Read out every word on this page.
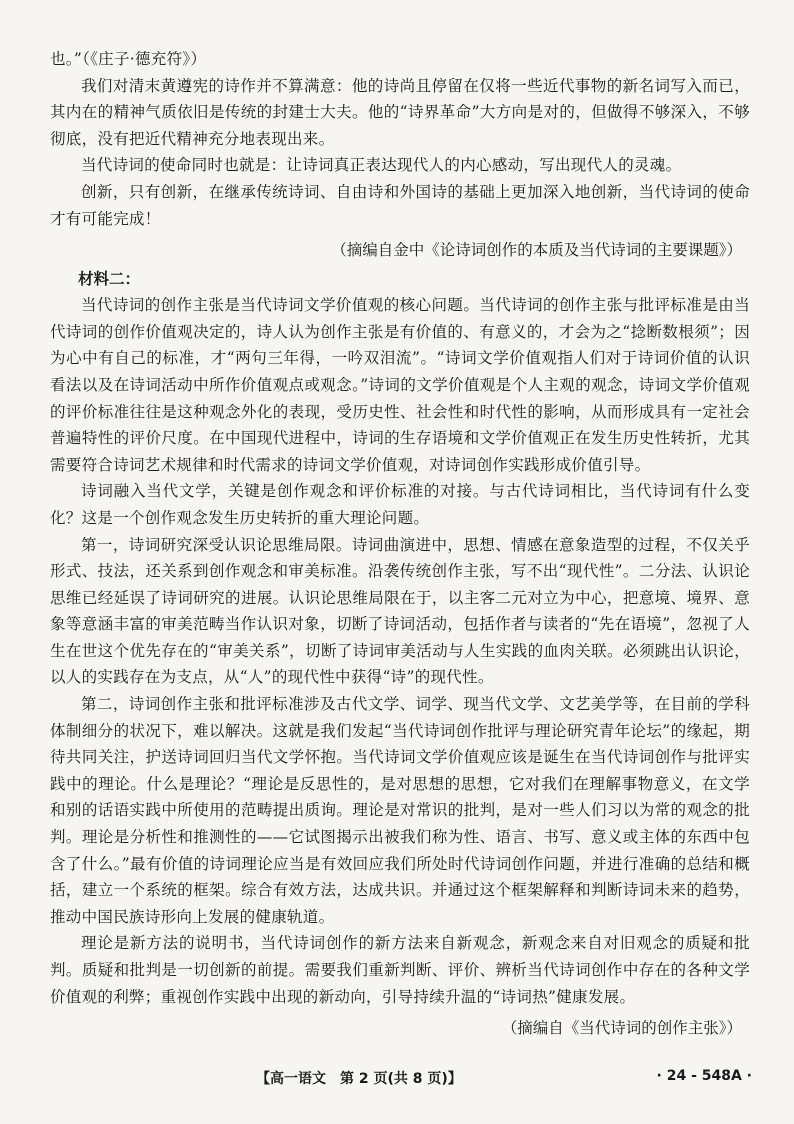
也。”（《庄子·德充符》）

我们对清末黄遵宪的诗作并不算满意：他的诗尚且停留在仅将一些近代事物的新名词写入而已，其内在的精神气质依旧是传统的封建士大夫。他的“诗界革命”大方向是对的，但做得不够深入，不够彻底，没有把近代精神充分地表现出来。

当代诗词的使命同时也就是：让诗词真正表达现代人的内心感动，写出现代人的灵魂。

创新，只有创新，在继承传统诗词、自由诗和外国诗的基础上更加深入地创新，当代诗词的使命才有可能完成！

（摘编自金中《论诗词创作的本质及当代诗词的主要课题》）
材料二：

当代诗词的创作主张是当代诗词文学价值观的核心问题。当代诗词的创作主张与批评标准是由当代诗词的创作价值观决定的，诗人认为创作主张是有价值的、有意义的，才会为之“捻断数根须”；因为心中有自己的标准，才“两句三年得，一吟双泪流”。“诗词文学价值观指人们对于诗词价值的认识看法以及在诗词活动中所作价值观点或观念。”诗词的文学价值观是个人主观的观念，诗词文学价值观的评价标准往往是这种观念外化的表现，受历史性、社会性和时代性的影响，从而形成具有一定社会普遍特性的评价尺度。在中国现代进程中，诗词的生存语境和文学价值观正在发生历史性转折，尤其需要符合诗词艺术规律和时代需求的诗词文学价值观，对诗词创作实践形成价值引导。

诗词融入当代文学，关键是创作观念和评价标准的对接。与古代诗词相比，当代诗词有什么变化？这是一个创作观念发生历史转折的重大理论问题。

第一，诗词研究深受认识论思维局限。诗词曲演进中，思想、情感在意象造型的过程，不仅关乎形式、技法，还关系到创作观念和审美标准。沿袭传统创作主张，写不出“现代性”。二分法、认识论思维已经延误了诗词研究的进展。认识论思维局限在于，以主客二元对立为中心，把意境、境界、意象等意涵丰富的审美范畴当作认识对象，切断了诗词活动，包括作者与读者的“先在语境”，忽视了人生在世这个优先存在的“审美关系”，切断了诗词审美活动与人生实践的血肉关联。必须跳出认识论，以人的实践存在为支点，从“人”的现代性中获得“诗”的现代性。

第二，诗词创作主张和批评标准涉及古代文学、词学、现当代文学、文艺美学等，在目前的学科体制细分的状况下，难以解决。这就是我们发起“当代诗词创作批评与理论研究青年论坛”的缘起，期待共同关注，护送诗词回归当代文学怀抱。当代诗词文学价值观应该是诞生在当代诗词创作与批评实践中的理论。什么是理论？“理论是反思性的，是对思想的思想，它对我们在理解事物意义，在文学和别的话语实践中所使用的范畴提出质询。理论是对常识的批判，是对一些人们习以为常的观念的批判。理论是分析性和推测性的——它试图揭示出被我们称为性、语言、书写、意义或主体的东西中包含了什么。”最有价值的诗词理论应当是有效回应我们所处时代诗词创作问题，并进行准确的总结和概括，建立一个系统的框架。综合有效方法，达成共识。并通过这个框架解释和判断诗词未来的趋势，推动中国民族诗形向上发展的健康轨道。

理论是新方法的说明书，当代诗词创作的新方法来自新观念，新观念来自对旧观念的质疑和批判。质疑和批判是一切创新的前提。需要我们重新判断、评价、辨析当代诗词创作中存在的各种文学价值观的利弊；重视创作实践中出现的新动向，引导持续升温的“诗词热”健康发展。

（摘编自《当代诗词的创作主张》）
【高一语文　第 2 页(共 8 页)】	· 24 - 548A ·
